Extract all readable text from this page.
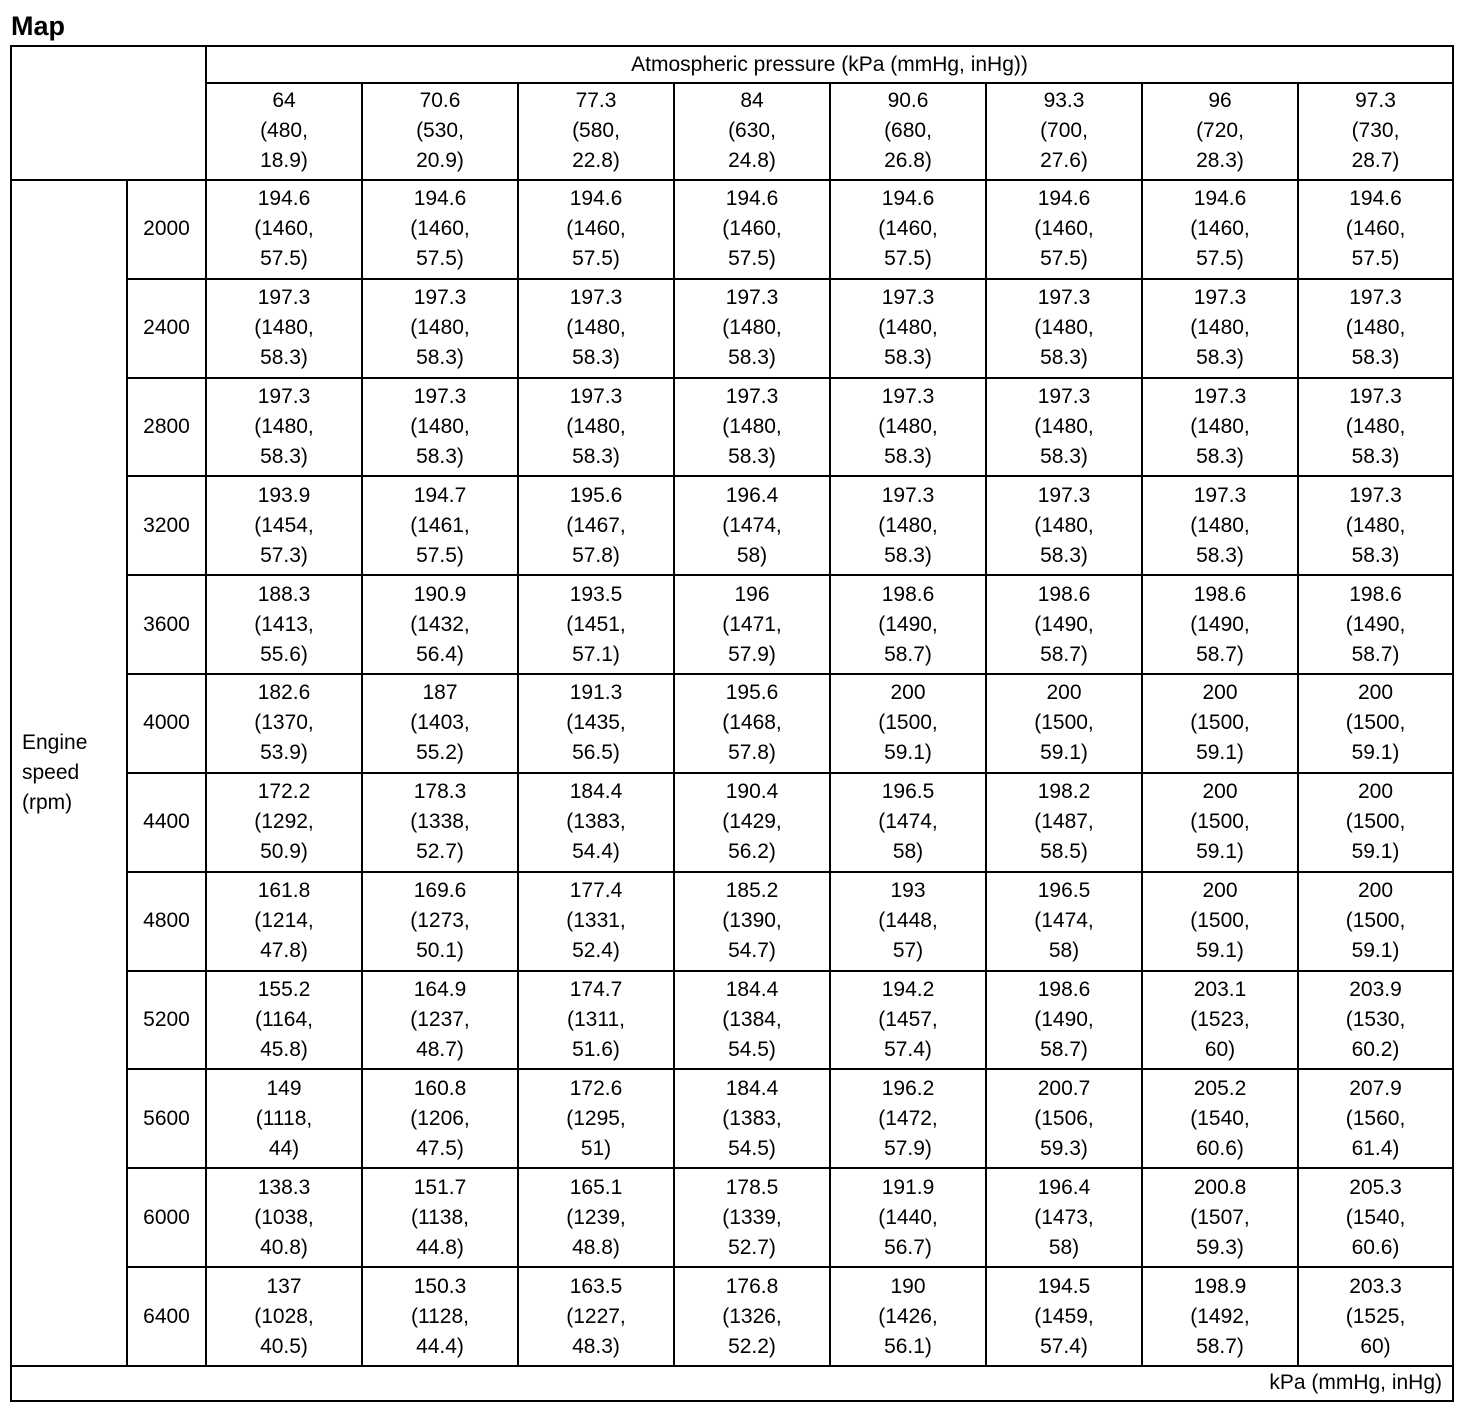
Map
		Atmospheric pressure (kPa (mmHg, inHg))							

		64
(480,
18.9)	70.6
(530,
20.9)	77.3
(580,
22.8)	84
(630,
24.8)	90.6
(680,
26.8)	93.3
(700,
27.6)	96
(720,
28.3)	97.3
(730,
28.7)

Engine
speed
(rpm)	2000	194.6
(1460,
57.5)	194.6
(1460,
57.5)	194.6
(1460,
57.5)	194.6
(1460,
57.5)	194.6
(1460,
57.5)	194.6
(1460,
57.5)	194.6
(1460,
57.5)	194.6
(1460,
57.5)

	2400	197.3
(1480,
58.3)	197.3
(1480,
58.3)	197.3
(1480,
58.3)	197.3
(1480,
58.3)	197.3
(1480,
58.3)	197.3
(1480,
58.3)	197.3
(1480,
58.3)	197.3
(1480,
58.3)

	2800	197.3
(1480,
58.3)	197.3
(1480,
58.3)	197.3
(1480,
58.3)	197.3
(1480,
58.3)	197.3
(1480,
58.3)	197.3
(1480,
58.3)	197.3
(1480,
58.3)	197.3
(1480,
58.3)

	3200	193.9
(1454,
57.3)	194.7
(1461,
57.5)	195.6
(1467,
57.8)	196.4
(1474,
58)	197.3
(1480,
58.3)	197.3
(1480,
58.3)	197.3
(1480,
58.3)	197.3
(1480,
58.3)

	3600	188.3
(1413,
55.6)	190.9
(1432,
56.4)	193.5
(1451,
57.1)	196
(1471,
57.9)	198.6
(1490,
58.7)	198.6
(1490,
58.7)	198.6
(1490,
58.7)	198.6
(1490,
58.7)

	4000	182.6
(1370,
53.9)	187
(1403,
55.2)	191.3
(1435,
56.5)	195.6
(1468,
57.8)	200
(1500,
59.1)	200
(1500,
59.1)	200
(1500,
59.1)	200
(1500,
59.1)

	4400	172.2
(1292,
50.9)	178.3
(1338,
52.7)	184.4
(1383,
54.4)	190.4
(1429,
56.2)	196.5
(1474,
58)	198.2
(1487,
58.5)	200
(1500,
59.1)	200
(1500,
59.1)

	4800	161.8
(1214,
47.8)	169.6
(1273,
50.1)	177.4
(1331,
52.4)	185.2
(1390,
54.7)	193
(1448,
57)	196.5
(1474,
58)	200
(1500,
59.1)	200
(1500,
59.1)

	5200	155.2
(1164,
45.8)	164.9
(1237,
48.7)	174.7
(1311,
51.6)	184.4
(1384,
54.5)	194.2
(1457,
57.4)	198.6
(1490,
58.7)	203.1
(1523,
60)	203.9
(1530,
60.2)

	5600	149
(1118,
44)	160.8
(1206,
47.5)	172.6
(1295,
51)	184.4
(1383,
54.5)	196.2
(1472,
57.9)	200.7
(1506,
59.3)	205.2
(1540,
60.6)	207.9
(1560,
61.4)

	6000	138.3
(1038,
40.8)	151.7
(1138,
44.8)	165.1
(1239,
48.8)	178.5
(1339,
52.7)	191.9
(1440,
56.7)	196.4
(1473,
58)	200.8
(1507,
59.3)	205.3
(1540,
60.6)

	6400	137
(1028,
40.5)	150.3
(1128,
44.4)	163.5
(1227,
48.3)	176.8
(1326,
52.2)	190
(1426,
56.1)	194.5
(1459,
57.4)	198.9
(1492,
58.7)	203.3
(1525,
60)

kPa (mmHg, inHg)									
